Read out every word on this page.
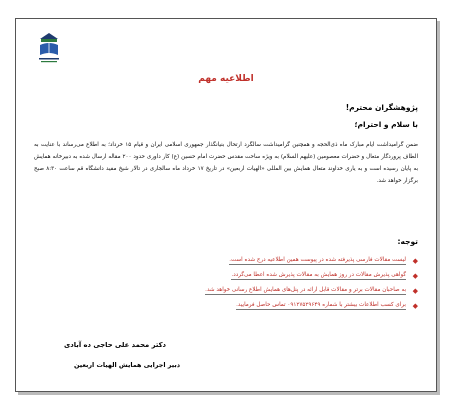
اطلاعیه مهم
پژوهشگران محترم!
با سلام و احترام؛
ضمن گرامیداشت ایام مبارک ماه ذی‌الحجه و همچنین گرامیداشت سالگرد ارتحال بنیانگذار جمهوری اسلامی ایران و قیام ۱۵ خرداد؛ به اطلاع می‌رساند با عنایت به الطاف پروردگار متعال و حضرات معصومین (علیهم السلام) به ویژه ساحت مقدس حضرت امام حسین (ع) کار داوری حدود ۲۰۰ مقاله ارسال شده به دبیرخانه همایش به پایان رسیده است و به یاری خداوند متعال همایش بین المللی «الهیات اربعین» در تاریخ ۱۷ خرداد ماه سالجاری در تالار شیخ مفید دانشگاه قم ساعت ۸:۳۰ صبح برگزار خواهد شد.
توجه:
◆
لیست مقالات فارسی پذیرفته شده در پیوست همین اطلاعیه درج شده است.
◆
گواهی پذیرش مقالات در روز همایش به مقالات پذیرش شده اعطا می‌گردد.
◆
به صاحبان مقالات برتر و مقالات قابل ارائه در پنل‌های همایش اطلاع رسانی خواهد شد.
◆
برای کسب اطلاعات بیشتر با شماره ۰۹۱۲۷۵۲۹۶۴۹ تماس حاصل فرمایید.
دکتر محمد علی حاجی ده آبادی
دبیر اجرایی همایش الهیات اربعین
